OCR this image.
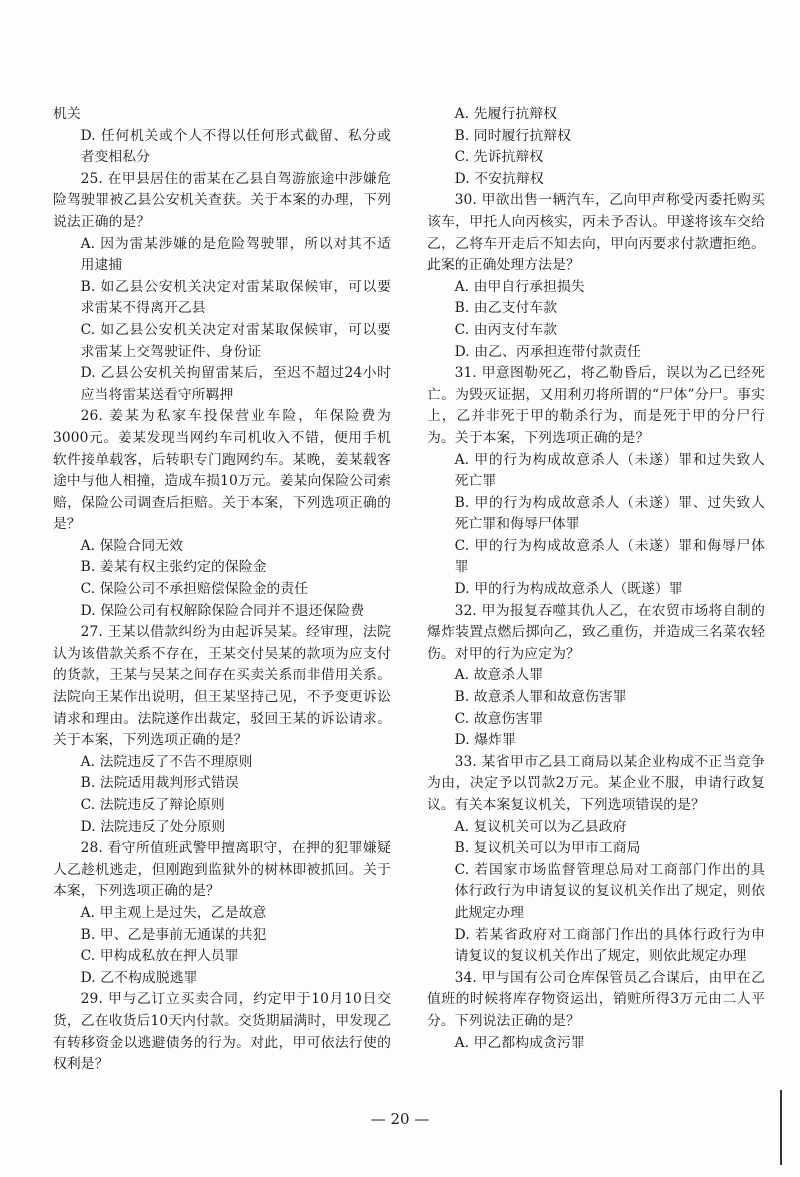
机关

D. 任何机关或个人不得以任何形式截留、私分或者变相私分

25. 在甲县居住的雷某在乙县自驾游旅途中涉嫌危险驾驶罪被乙县公安机关查获。关于本案的办理，下列说法正确的是？

A. 因为雷某涉嫌的是危险驾驶罪，所以对其不适用逮捕

B. 如乙县公安机关决定对雷某取保候审，可以要求雷某不得离开乙县

C. 如乙县公安机关决定对雷某取保候审，可以要求雷某上交驾驶证件、身份证

D. 乙县公安机关拘留雷某后，至迟不超过24小时应当将雷某送看守所羁押

26. 姜某为私家车投保营业车险，年保险费为3000元。姜某发现当网约车司机收入不错，便用手机软件接单载客，后转职专门跑网约车。某晚，姜某载客途中与他人相撞，造成车损10万元。姜某向保险公司索赔，保险公司调查后拒赔。关于本案，下列选项正确的是？

A. 保险合同无效

B. 姜某有权主张约定的保险金

C. 保险公司不承担赔偿保险金的责任

D. 保险公司有权解除保险合同并不退还保险费

27. 王某以借款纠纷为由起诉吴某。经审理，法院认为该借款关系不存在，王某交付吴某的款项为应支付的货款，王某与吴某之间存在买卖关系而非借用关系。法院向王某作出说明，但王某坚持己见，不予变更诉讼请求和理由。法院遂作出裁定，驳回王某的诉讼请求。关于本案，下列选项正确的是？

A. 法院违反了不告不理原则

B. 法院适用裁判形式错误

C. 法院违反了辩论原则

D. 法院违反了处分原则

28. 看守所值班武警甲擅离职守，在押的犯罪嫌疑人乙趁机逃走，但刚跑到监狱外的树林即被抓回。关于本案，下列选项正确的是？

A. 甲主观上是过失，乙是故意

B. 甲、乙是事前无通谋的共犯

C. 甲构成私放在押人员罪

D. 乙不构成脱逃罪

29. 甲与乙订立买卖合同，约定甲于10月10日交货，乙在收货后10天内付款。交货期届满时，甲发现乙有转移资金以逃避债务的行为。对此，甲可依法行使的权利是？

A. 先履行抗辩权

B. 同时履行抗辩权

C. 先诉抗辩权

D. 不安抗辩权

30. 甲欲出售一辆汽车，乙向甲声称受丙委托购买该车，甲托人向丙核实，丙未予否认。甲遂将该车交给乙，乙将车开走后不知去向，甲向丙要求付款遭拒绝。此案的正确处理方法是？

A. 由甲自行承担损失

B. 由乙支付车款

C. 由丙支付车款

D. 由乙、丙承担连带付款责任

31. 甲意图勒死乙，将乙勒昏后，误以为乙已经死亡。为毁灭证据，又用利刃将所谓的“尸体”分尸。事实上，乙并非死于甲的勒杀行为，而是死于甲的分尸行为。关于本案，下列选项正确的是？

A. 甲的行为构成故意杀人（未遂）罪和过失致人死亡罪

B. 甲的行为构成故意杀人（未遂）罪、过失致人死亡罪和侮辱尸体罪

C. 甲的行为构成故意杀人（未遂）罪和侮辱尸体罪

D. 甲的行为构成故意杀人（既遂）罪

32. 甲为报复吞噬其仇人乙，在农贸市场将自制的爆炸装置点燃后掷向乙，致乙重伤，并造成三名菜农轻伤。对甲的行为应定为？

A. 故意杀人罪

B. 故意杀人罪和故意伤害罪

C. 故意伤害罪

D. 爆炸罪

33. 某省甲市乙县工商局以某企业构成不正当竞争为由，决定予以罚款2万元。某企业不服，申请行政复议。有关本案复议机关，下列选项错误的是？

A. 复议机关可以为乙县政府

B. 复议机关可以为甲市工商局

C. 若国家市场监督管理总局对工商部门作出的具体行政行为申请复议的复议机关作出了规定，则依此规定办理

D. 若某省政府对工商部门作出的具体行政行为申请复议的复议机关作出了规定，则依此规定办理

34. 甲与国有公司仓库保管员乙合谋后，由甲在乙值班的时候将库存物资运出，销赃所得3万元由二人平分。下列说法正确的是？

A. 甲乙都构成贪污罪

— 20 —
